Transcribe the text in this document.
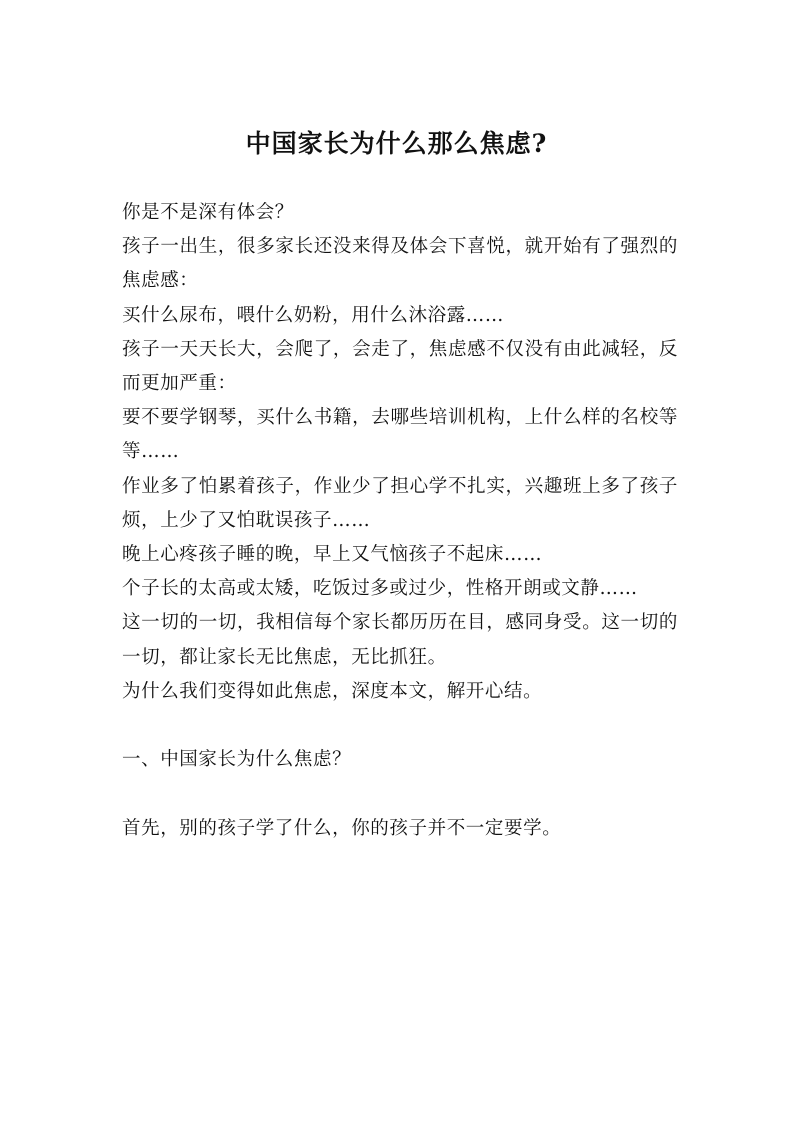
中国家长为什么那么焦虑?

你是不是深有体会？

孩子一出生，很多家长还没来得及体会下喜悦，就开始有了强烈的焦虑感：

买什么尿布，喂什么奶粉，用什么沐浴露……

孩子一天天长大，会爬了，会走了，焦虑感不仅没有由此减轻，反而更加严重：

要不要学钢琴，买什么书籍，去哪些培训机构，上什么样的名校等等……

作业多了怕累着孩子，作业少了担心学不扎实，兴趣班上多了孩子烦，上少了又怕耽误孩子……

晚上心疼孩子睡的晚，早上又气恼孩子不起床……

个子长的太高或太矮，吃饭过多或过少，性格开朗或文静……

这一切的一切，我相信每个家长都历历在目，感同身受。这一切的一切，都让家长无比焦虑，无比抓狂。

为什么我们变得如此焦虑，深度本文，解开心结。

一、中国家长为什么焦虑？

首先，别的孩子学了什么，你的孩子并不一定要学。
